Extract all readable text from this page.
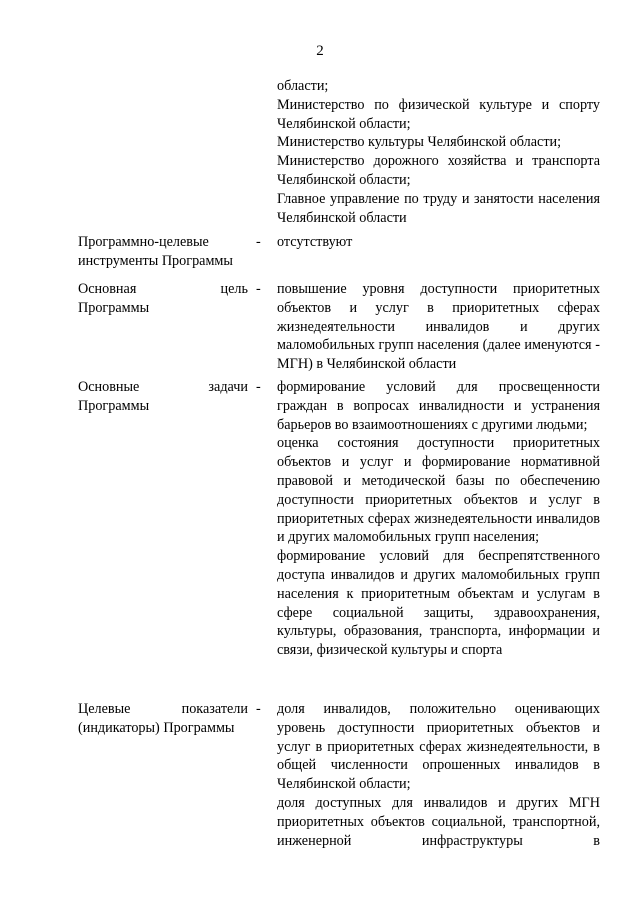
2

области;

Министерство по физической культуре и спорту Челябинской области;

Министерство культуры Челябинской области;

Министерство дорожного хозяйства и транспорта Челябинской области;

Главное управление по труду и занятости населения Челябинской области

Программно-целевые
инструменты Программы
- отсутствуют

Основная цель
Программы
- повышение уровня доступности приоритетных объектов и услуг в приоритетных сферах жизнедеятельности инвалидов и других маломобильных групп населения (далее именуются - МГН) в Челябинской области

Основные задачи
Программы
- формирование условий для просвещенности граждан в вопросах инвалидности и устранения барьеров во взаимоотношениях с другими людьми;

оценка состояния доступности приоритетных объектов и услуг и формирование нормативной правовой и методической базы по обеспечению доступности приоритетных объектов и услуг в приоритетных сферах жизнедеятельности инвалидов и других маломобильных групп населения;

формирование условий для беспрепятственного доступа инвалидов и других маломобильных групп населения к приоритетным объектам и услугам в сфере социальной защиты, здравоохранения, культуры, образования, транспорта, информации и связи, физической культуры и спорта

Целевые показатели
(индикаторы) Программы
- доля инвалидов, положительно оценивающих уровень доступности приоритетных объектов и услуг в приоритетных сферах жизнедеятельности, в общей численности опрошенных инвалидов в Челябинской области;

доля доступных для инвалидов и других МГН приоритетных объектов социальной, транспортной, инженерной инфраструктуры в
